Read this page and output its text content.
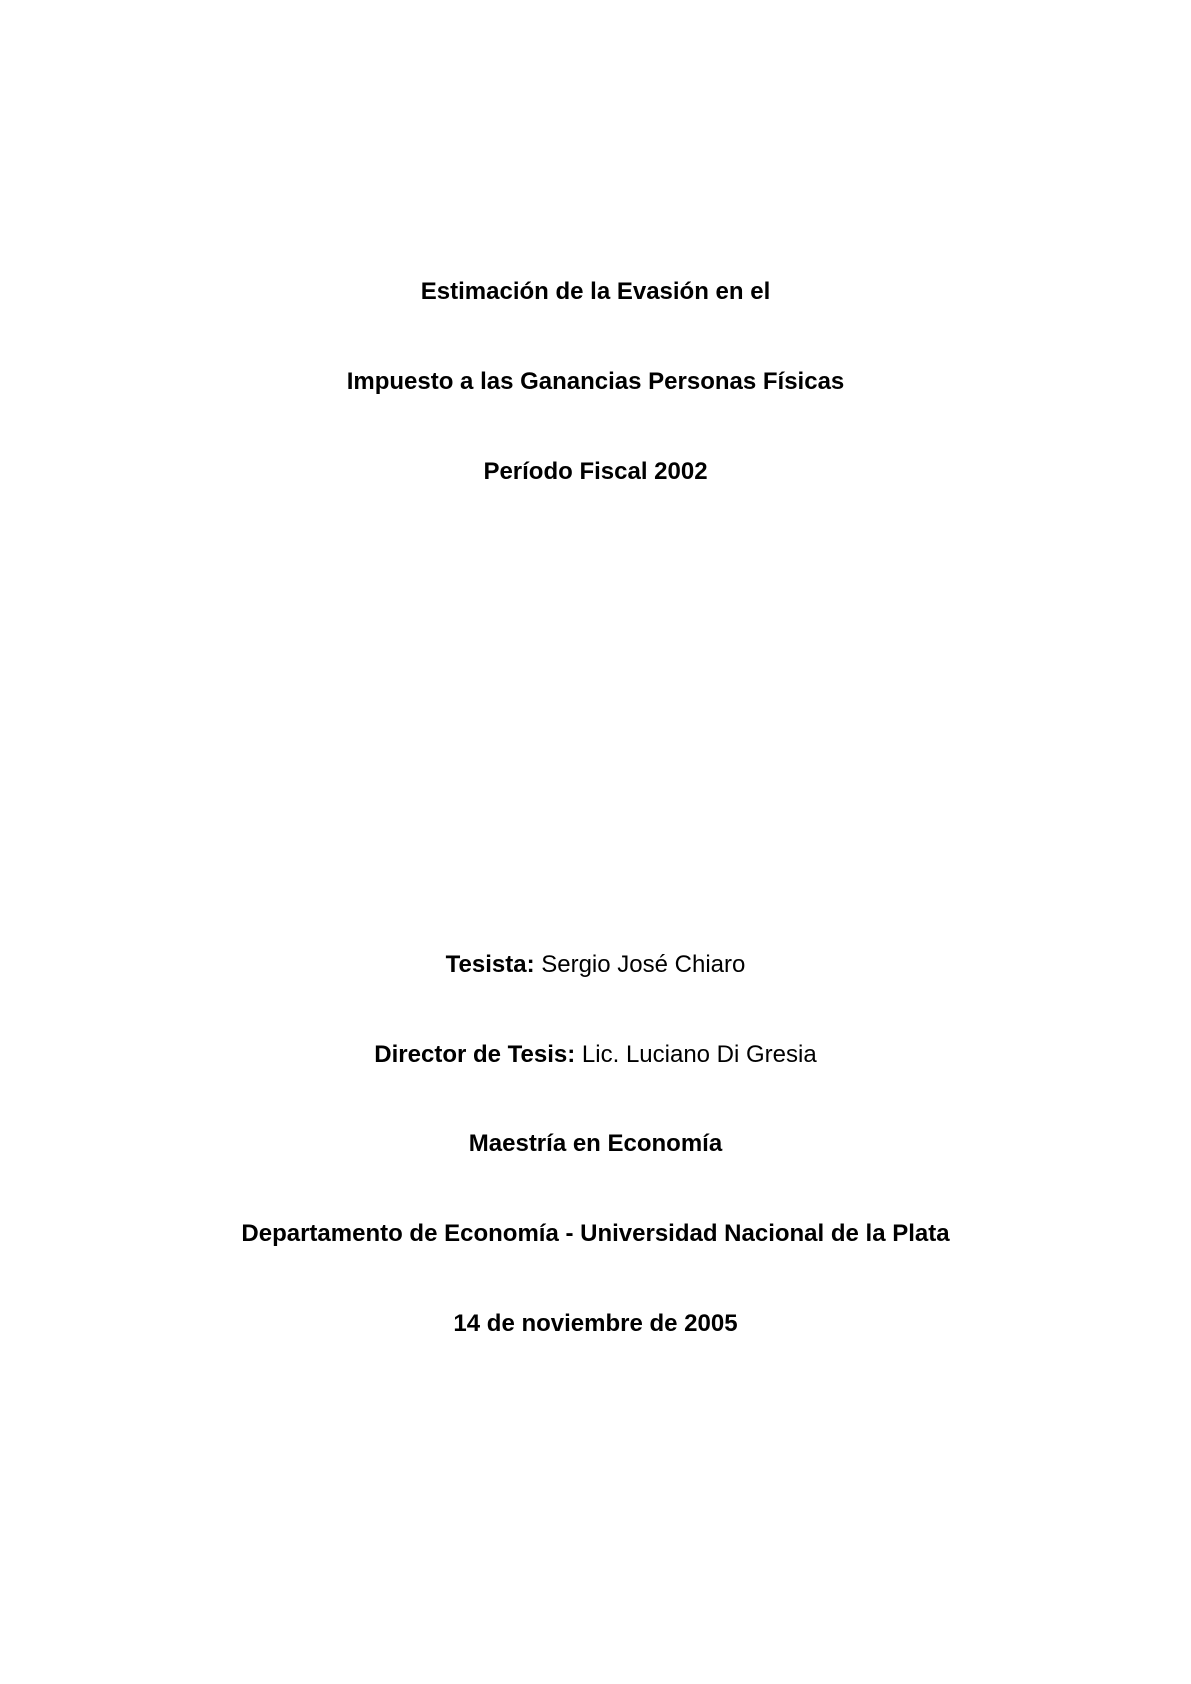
Estimación de la Evasión en el
Impuesto a las Ganancias Personas Físicas
Período Fiscal 2002
Tesista: Sergio José Chiaro
Director de Tesis: Lic. Luciano Di Gresia
Maestría en Economía
Departamento de Economía - Universidad Nacional de la Plata
14 de noviembre de 2005
